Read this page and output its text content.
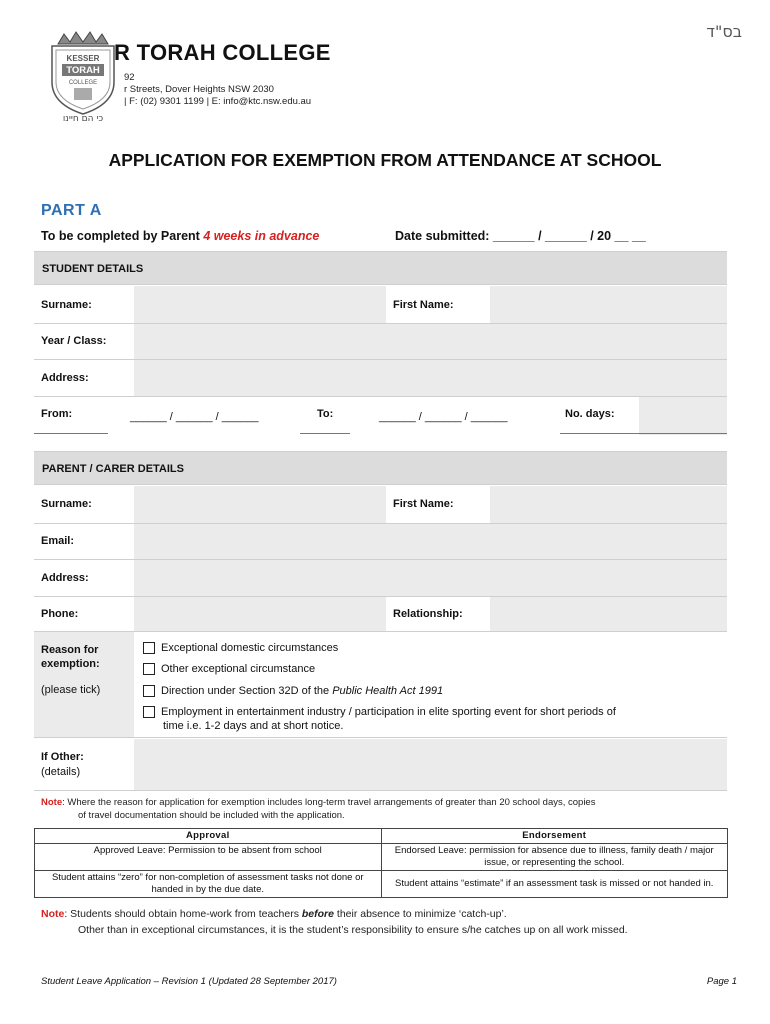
בס"ד
KESSER
TORAH
COLLEGE
כי הם חיינו
R TORAH COLLEGE
92
r Streets, Dover Heights NSW 2030
| F: (02) 9301 1199 | E: info@ktc.nsw.edu.au
APPLICATION FOR EXEMPTION FROM ATTENDANCE AT SCHOOL
PART A
To be completed by Parent 4 weeks in advance	Date submitted: ______ / ______ / 20 __ __
STUDENT DETAILS
Surname:	First Name:
Year / Class:
Address:
From:	______ / ______ / ______	To:	______ / ______ / ______	No. days:
PARENT / CARER DETAILS
Surname:	First Name:
Email:
Address:
Phone:	Relationship:
Reason for
exemption:
(please tick)
Exceptional domestic circumstances
Other exceptional circumstance
Direction under Section 32D of the Public Health Act 1991
Employment in entertainment industry / participation in elite sporting event for short periods of
time i.e. 1-2 days and at short notice.
If Other:
(details)
Note: Where the reason for application for exemption includes long-term travel arrangements of greater than 20 school days, copies
of travel documentation should be included with the application.
Approval	Endorsement
Approved Leave: Permission to be absent from school	Endorsed Leave: permission for absence due to illness, family death / major issue, or representing the school.
Student attains “zero” for non-completion of assessment tasks not done or handed in by the due date.	Student attains “estimate” if an assessment task is missed or not handed in.
Note: Students should obtain home-work from teachers before their absence to minimize ‘catch-up’.
Other than in exceptional circumstances, it is the student’s responsibility to ensure s/he catches up on all work missed.
Student Leave Application – Revision 1 (Updated 28 September 2017)	Page 1
